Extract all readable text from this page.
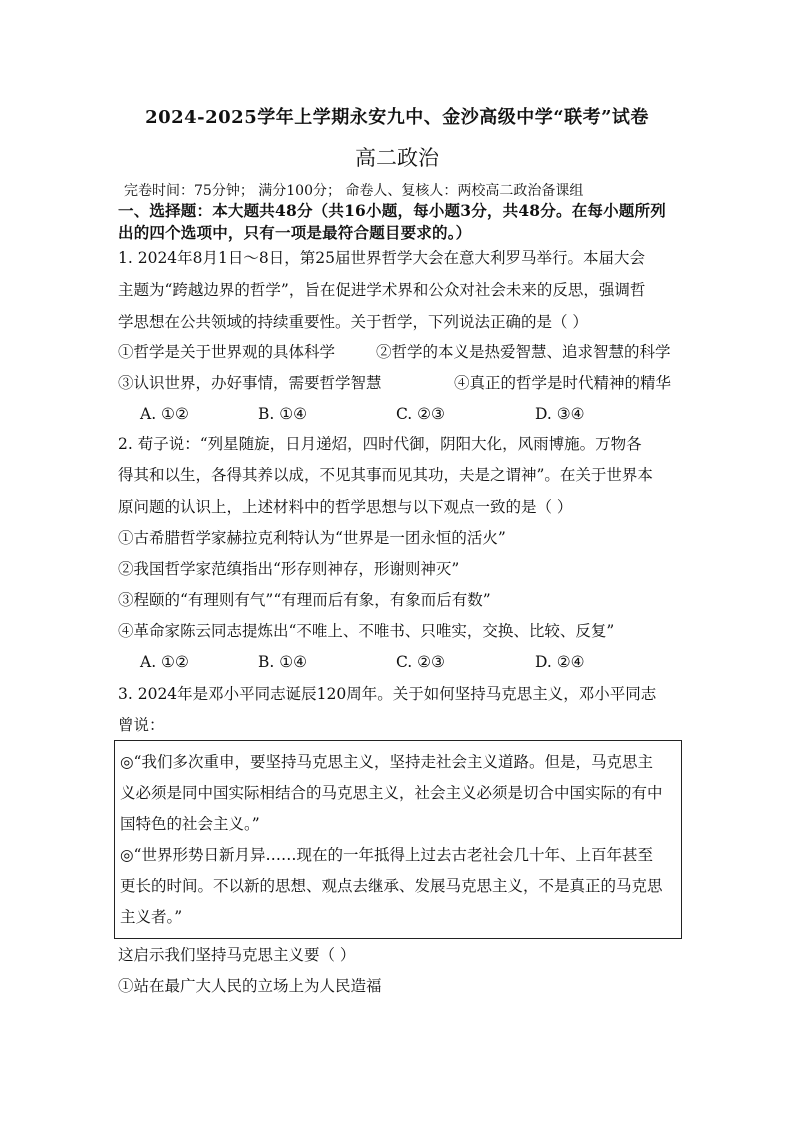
2024-2025学年上学期永安九中、金沙高级中学“联考”试卷
高二政治
完卷时间：75分钟； 满分100分； 命卷人、复核人：两校高二政治备课组
一、选择题：本大题共48分（共16小题，每小题3分，共48分。在每小题所列
出的四个选项中，只有一项是最符合题目要求的。）
1. 2024年8月1日～8日，第25届世界哲学大会在意大利罗马举行。本届大会
主题为“跨越边界的哲学”，旨在促进学术界和公众对社会未来的反思，强调哲
学思想在公共领域的持续重要性。关于哲学，下列说法正确的是（ ）
①哲学是关于世界观的具体科学	②哲学的本义是热爱智慧、追求智慧的科学
③认识世界，办好事情，需要哲学智慧	④真正的哲学是时代精神的精华
A. ①②	B. ①④	C. ②③	D. ③④
2. 荀子说：“列星随旋，日月递炤，四时代御，阴阳大化，风雨博施。万物各
得其和以生，各得其养以成，不见其事而见其功，夫是之谓神”。在关于世界本
原问题的认识上，上述材料中的哲学思想与以下观点一致的是（ ）
①古希腊哲学家赫拉克利特认为“世界是一团永恒的活火”
②我国哲学家范缜指出“形存则神存，形谢则神灭”
③程颐的“有理则有气”“有理而后有象，有象而后有数”
④革命家陈云同志提炼出“不唯上、不唯书、只唯实，交换、比较、反复”
A. ①②	B. ①④	C. ②③	D. ②④
3. 2024年是邓小平同志诞辰120周年。关于如何坚持马克思主义，邓小平同志
曾说：
◎“我们多次重申，要坚持马克思主义，坚持走社会主义道路。但是，马克思主
义必须是同中国实际相结合的马克思主义，社会主义必须是切合中国实际的有中
国特色的社会主义。”
◎“世界形势日新月异……现在的一年抵得上过去古老社会几十年、上百年甚至
更长的时间。不以新的思想、观点去继承、发展马克思主义，不是真正的马克思
主义者。”
这启示我们坚持马克思主义要（ ）
①站在最广大人民的立场上为人民造福
